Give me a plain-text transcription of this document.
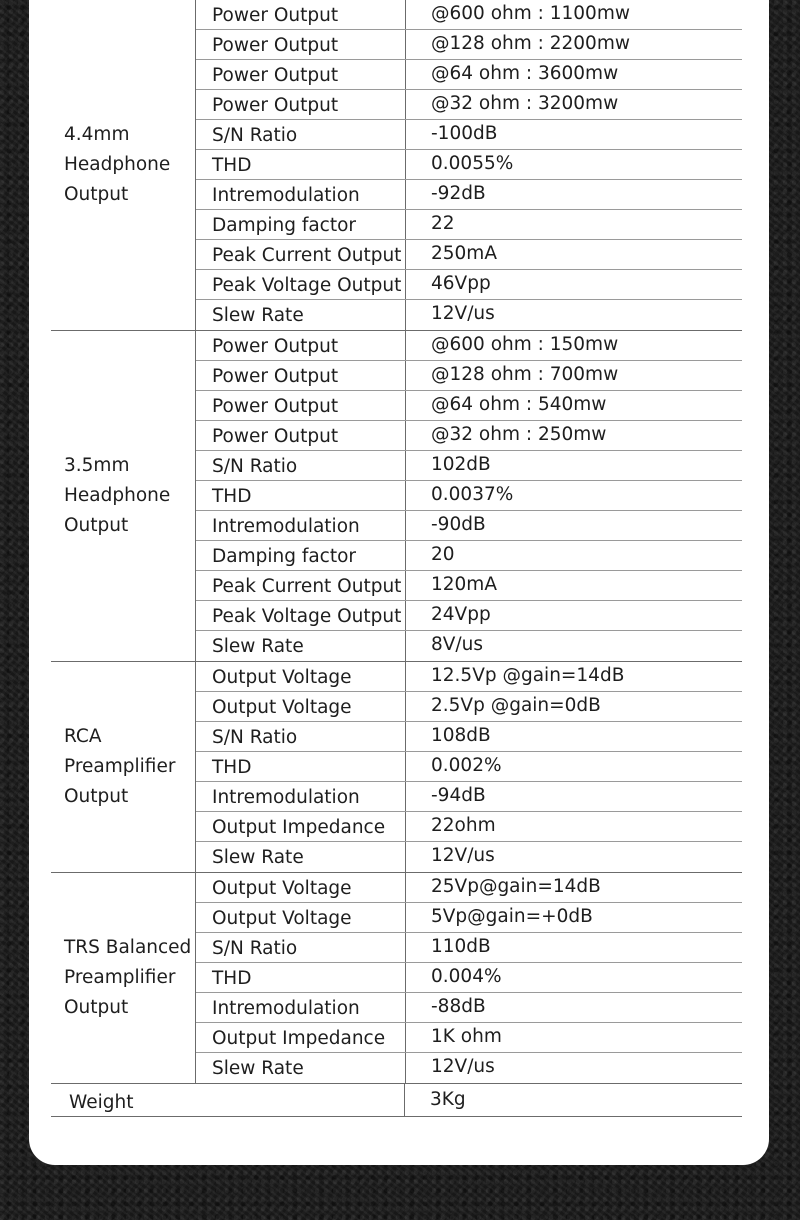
4.4mm
Headphone
Output
Power Output	@600 ohm : 1100mw
Power Output	@128 ohm : 2200mw
Power Output	@64 ohm : 3600mw
Power Output	@32 ohm : 3200mw
S/N Ratio	-100dB
THD	0.0055%
Intremodulation	-92dB
Damping factor	22
Peak Current Output	250mA
Peak Voltage Output	46Vpp
Slew Rate	12V/us
3.5mm
Headphone
Output
Power Output	@600 ohm : 150mw
Power Output	@128 ohm : 700mw
Power Output	@64 ohm : 540mw
Power Output	@32 ohm : 250mw
S/N Ratio	102dB
THD	0.0037%
Intremodulation	-90dB
Damping factor	20
Peak Current Output	120mA
Peak Voltage Output	24Vpp
Slew Rate	8V/us
RCA
Preamplifier
Output
Output Voltage	12.5Vp @gain=14dB
Output Voltage	2.5Vp @gain=0dB
S/N Ratio	108dB
THD	0.002%
Intremodulation	-94dB
Output Impedance	22ohm
Slew Rate	12V/us
TRS Balanced
Preamplifier
Output
Output Voltage	25Vp@gain=14dB
Output Voltage	5Vp@gain=+0dB
S/N Ratio	110dB
THD	0.004%
Intremodulation	-88dB
Output Impedance	1K ohm
Slew Rate	12V/us
Weight	3Kg
